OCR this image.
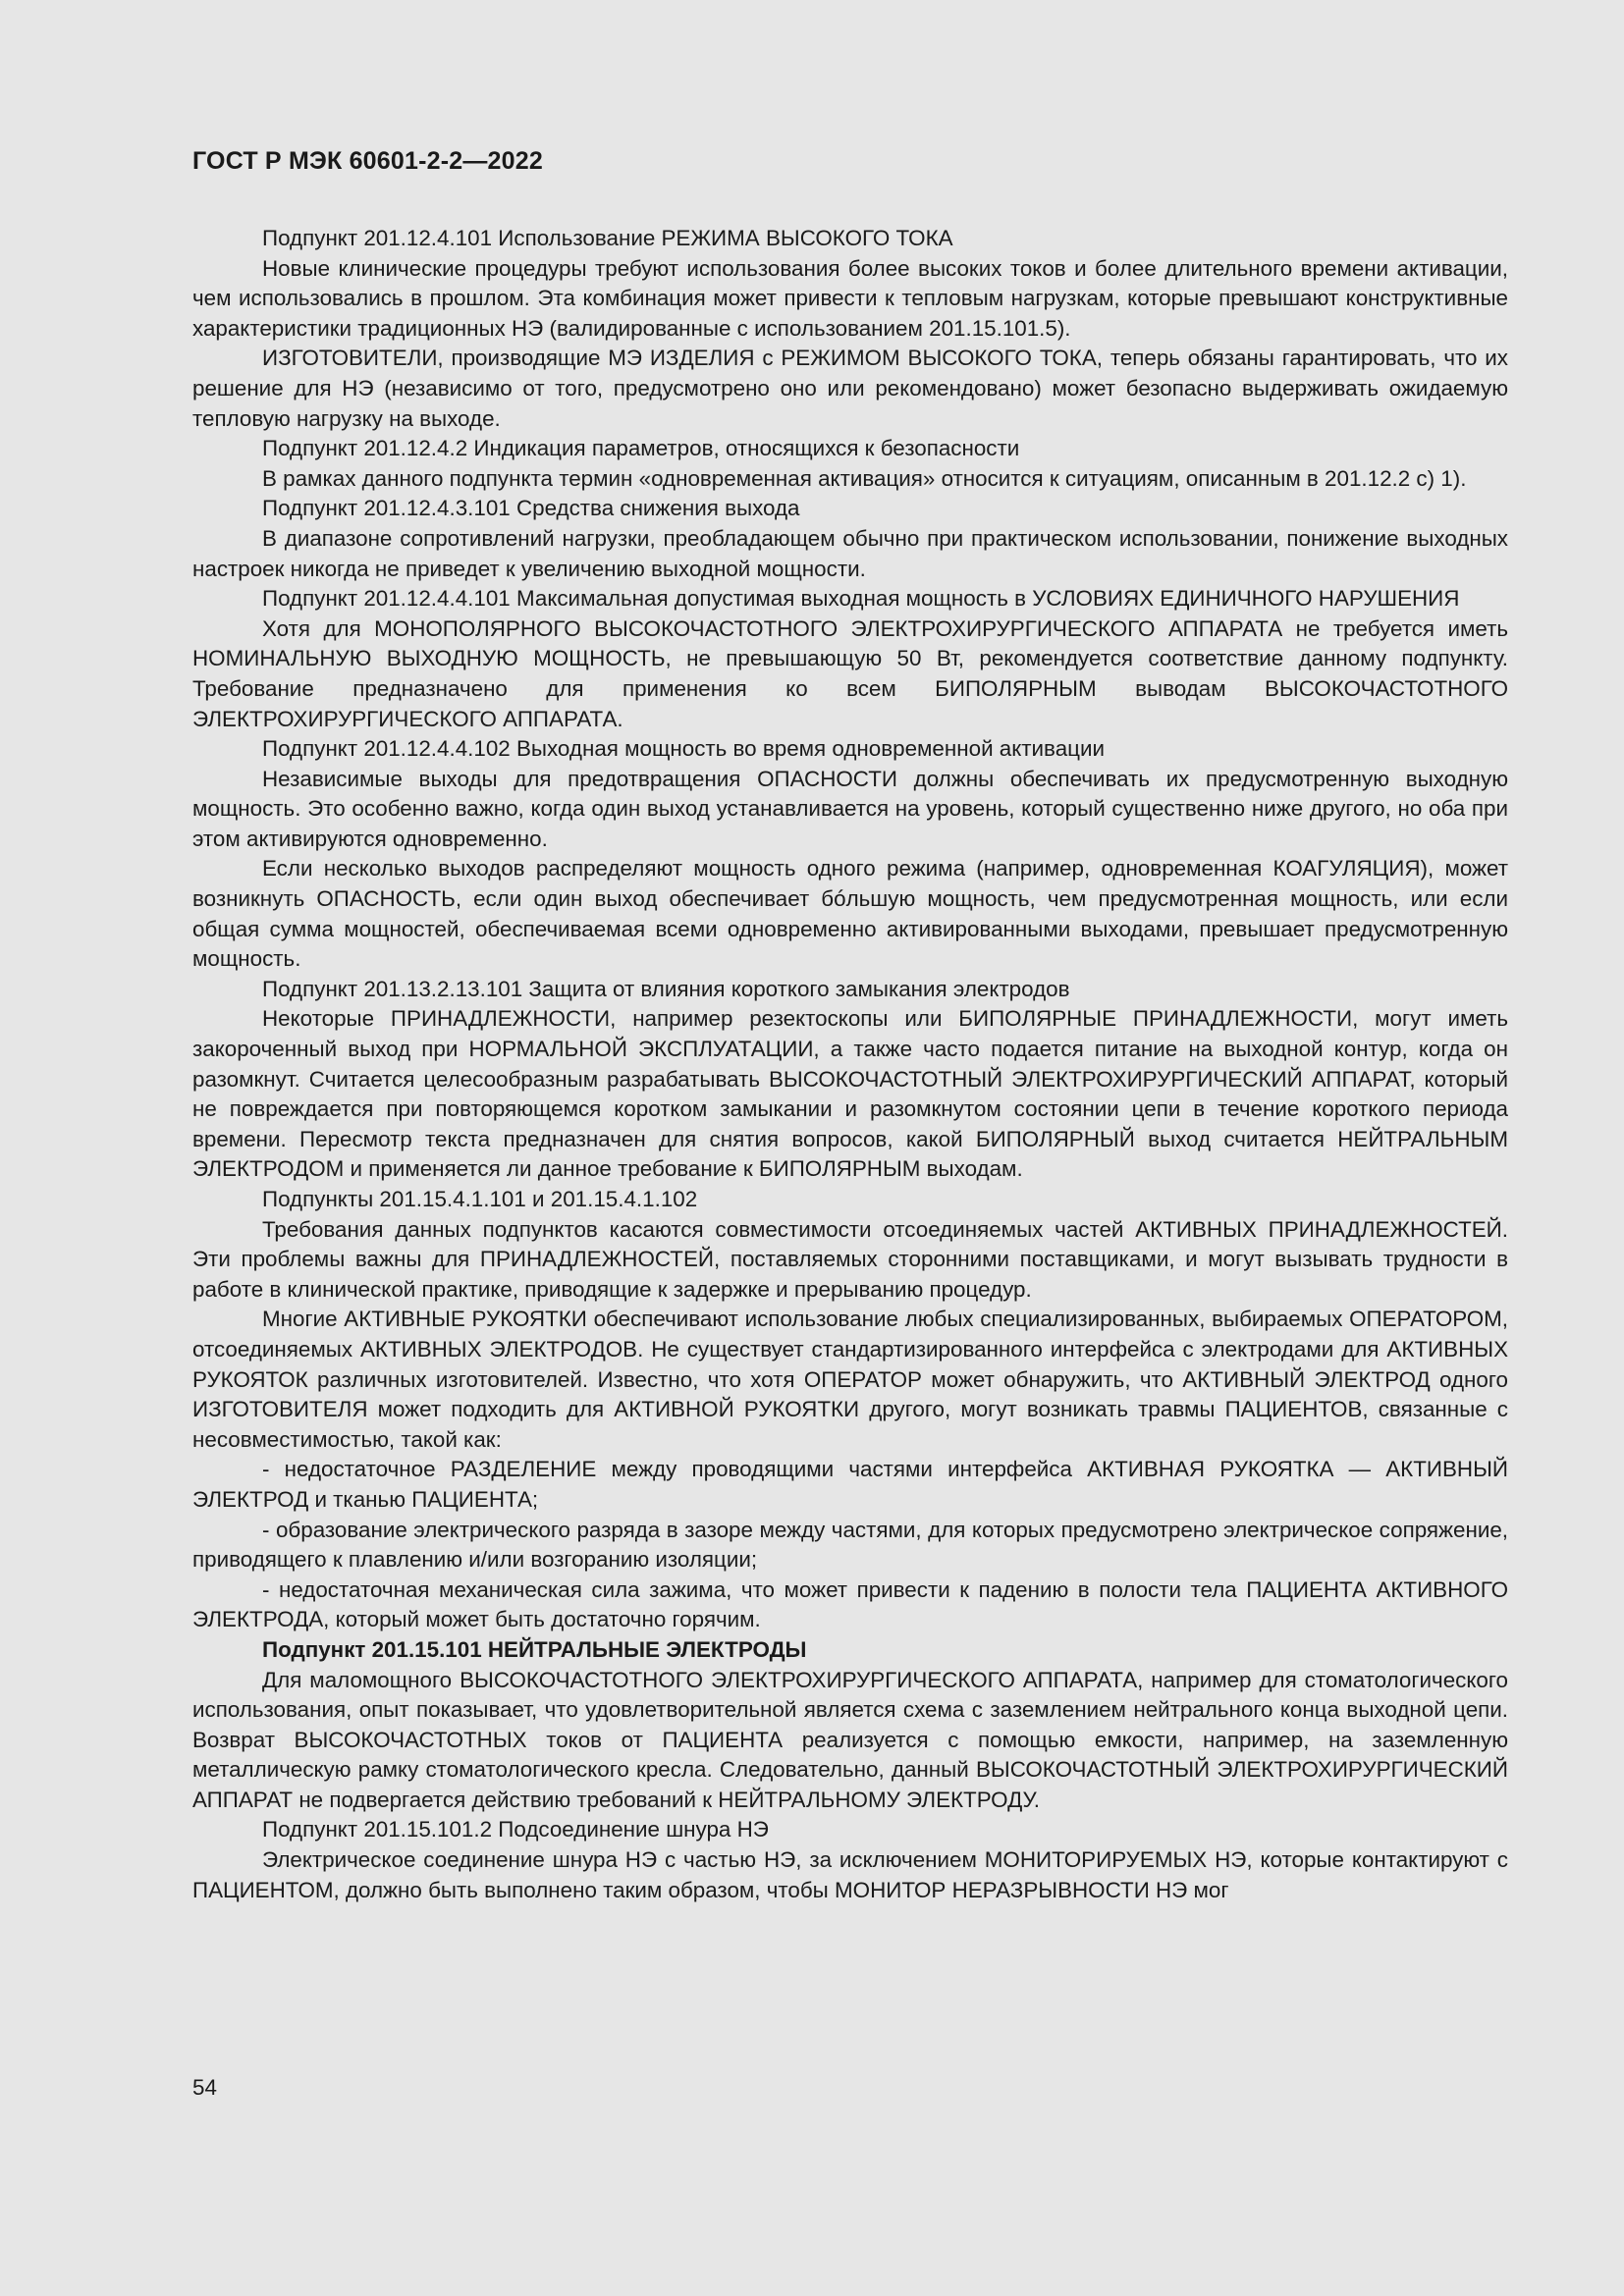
ГОСТ Р МЭК 60601-2-2—2022

Подпункт 201.12.4.101 Использование РЕЖИМА ВЫСОКОГО ТОКА

Новые клинические процедуры требуют использования более высоких токов и более длительного времени активации, чем использовались в прошлом. Эта комбинация может привести к тепловым нагрузкам, которые превышают конструктивные характеристики традиционных НЭ (валидированные с использованием 201.15.101.5).

ИЗГОТОВИТЕЛИ, производящие МЭ ИЗДЕЛИЯ с РЕЖИМОМ ВЫСОКОГО ТОКА, теперь обязаны гарантировать, что их решение для НЭ (независимо от того, предусмотрено оно или рекомендовано) может безопасно выдерживать ожидаемую тепловую нагрузку на выходе.

Подпункт 201.12.4.2 Индикация параметров, относящихся к безопасности

В рамках данного подпункта термин «одновременная активация» относится к ситуациям, описанным в 201.12.2 с) 1).

Подпункт 201.12.4.3.101 Средства снижения выхода

В диапазоне сопротивлений нагрузки, преобладающем обычно при практическом использовании, понижение выходных настроек никогда не приведет к увеличению выходной мощности.

Подпункт 201.12.4.4.101 Максимальная допустимая выходная мощность в УСЛОВИЯХ ЕДИНИЧНОГО НАРУШЕНИЯ

Хотя для МОНОПОЛЯРНОГО ВЫСОКОЧАСТОТНОГО ЭЛЕКТРОХИРУРГИЧЕСКОГО АППАРАТА не требуется иметь НОМИНАЛЬНУЮ ВЫХОДНУЮ МОЩНОСТЬ, не превышающую 50 Вт, рекомендуется соответствие данному подпункту. Требование предназначено для применения ко всем БИПОЛЯРНЫМ выводам ВЫСОКОЧАСТОТНОГО ЭЛЕКТРОХИРУРГИЧЕСКОГО АППАРАТА.

Подпункт 201.12.4.4.102 Выходная мощность во время одновременной активации

Независимые выходы для предотвращения ОПАСНОСТИ должны обеспечивать их предусмотренную выходную мощность. Это особенно важно, когда один выход устанавливается на уровень, который существенно ниже другого, но оба при этом активируются одновременно.

Если несколько выходов распределяют мощность одного режима (например, одновременная КОАГУЛЯЦИЯ), может возникнуть ОПАСНОСТЬ, если один выход обеспечивает бóльшую мощность, чем предусмотренная мощность, или если общая сумма мощностей, обеспечиваемая всеми одновременно активированными выходами, превышает предусмотренную мощность.

Подпункт 201.13.2.13.101 Защита от влияния короткого замыкания электродов

Некоторые ПРИНАДЛЕЖНОСТИ, например резектоскопы или БИПОЛЯРНЫЕ ПРИНАДЛЕЖНОСТИ, могут иметь закороченный выход при НОРМАЛЬНОЙ ЭКСПЛУАТАЦИИ, а также часто подается питание на выходной контур, когда он разомкнут. Считается целесообразным разрабатывать ВЫСОКОЧАСТОТНЫЙ ЭЛЕКТРОХИРУРГИЧЕСКИЙ АППАРАТ, который не повреждается при повторяющемся коротком замыкании и разомкнутом состоянии цепи в течение короткого периода времени. Пересмотр текста предназначен для снятия вопросов, какой БИПОЛЯРНЫЙ выход считается НЕЙТРАЛЬНЫМ ЭЛЕКТРОДОМ и применяется ли данное требование к БИПОЛЯРНЫМ выходам.

Подпункты 201.15.4.1.101 и 201.15.4.1.102

Требования данных подпунктов касаются совместимости отсоединяемых частей АКТИВНЫХ ПРИНАДЛЕЖНОСТЕЙ. Эти проблемы важны для ПРИНАДЛЕЖНОСТЕЙ, поставляемых сторонними поставщиками, и могут вызывать трудности в работе в клинической практике, приводящие к задержке и прерыванию процедур.

Многие АКТИВНЫЕ РУКОЯТКИ обеспечивают использование любых специализированных, выбираемых ОПЕРАТОРОМ, отсоединяемых АКТИВНЫХ ЭЛЕКТРОДОВ. Не существует стандартизированного интерфейса с электродами для АКТИВНЫХ РУКОЯТОК различных изготовителей. Известно, что хотя ОПЕРАТОР может обнаружить, что АКТИВНЫЙ ЭЛЕКТРОД одного ИЗГОТОВИТЕЛЯ может подходить для АКТИВНОЙ РУКОЯТКИ другого, могут возникать травмы ПАЦИЕНТОВ, связанные с несовместимостью, такой как:

- недостаточное РАЗДЕЛЕНИЕ между проводящими частями интерфейса АКТИВНАЯ РУКОЯТКА — АКТИВНЫЙ ЭЛЕКТРОД и тканью ПАЦИЕНТА;

- образование электрического разряда в зазоре между частями, для которых предусмотрено электрическое сопряжение, приводящего к плавлению и/или возгоранию изоляции;

- недостаточная механическая сила зажима, что может привести к падению в полости тела ПАЦИЕНТА АКТИВНОГО ЭЛЕКТРОДА, который может быть достаточно горячим.

Подпункт 201.15.101 НЕЙТРАЛЬНЫЕ ЭЛЕКТРОДЫ

Для маломощного ВЫСОКОЧАСТОТНОГО ЭЛЕКТРОХИРУРГИЧЕСКОГО АППАРАТА, например для стоматологического использования, опыт показывает, что удовлетворительной является схема с заземлением нейтрального конца выходной цепи. Возврат ВЫСОКОЧАСТОТНЫХ токов от ПАЦИЕНТА реализуется с помощью емкости, например, на заземленную металлическую рамку стоматологического кресла. Следовательно, данный ВЫСОКОЧАСТОТНЫЙ ЭЛЕКТРОХИРУРГИЧЕСКИЙ АППАРАТ не подвергается действию требований к НЕЙТРАЛЬНОМУ ЭЛЕКТРОДУ.

Подпункт 201.15.101.2 Подсоединение шнура НЭ

Электрическое соединение шнура НЭ с частью НЭ, за исключением МОНИТОРИРУЕМЫХ НЭ, которые контактируют с ПАЦИЕНТОМ, должно быть выполнено таким образом, чтобы МОНИТОР НЕРАЗРЫВНОСТИ НЭ мог

54
